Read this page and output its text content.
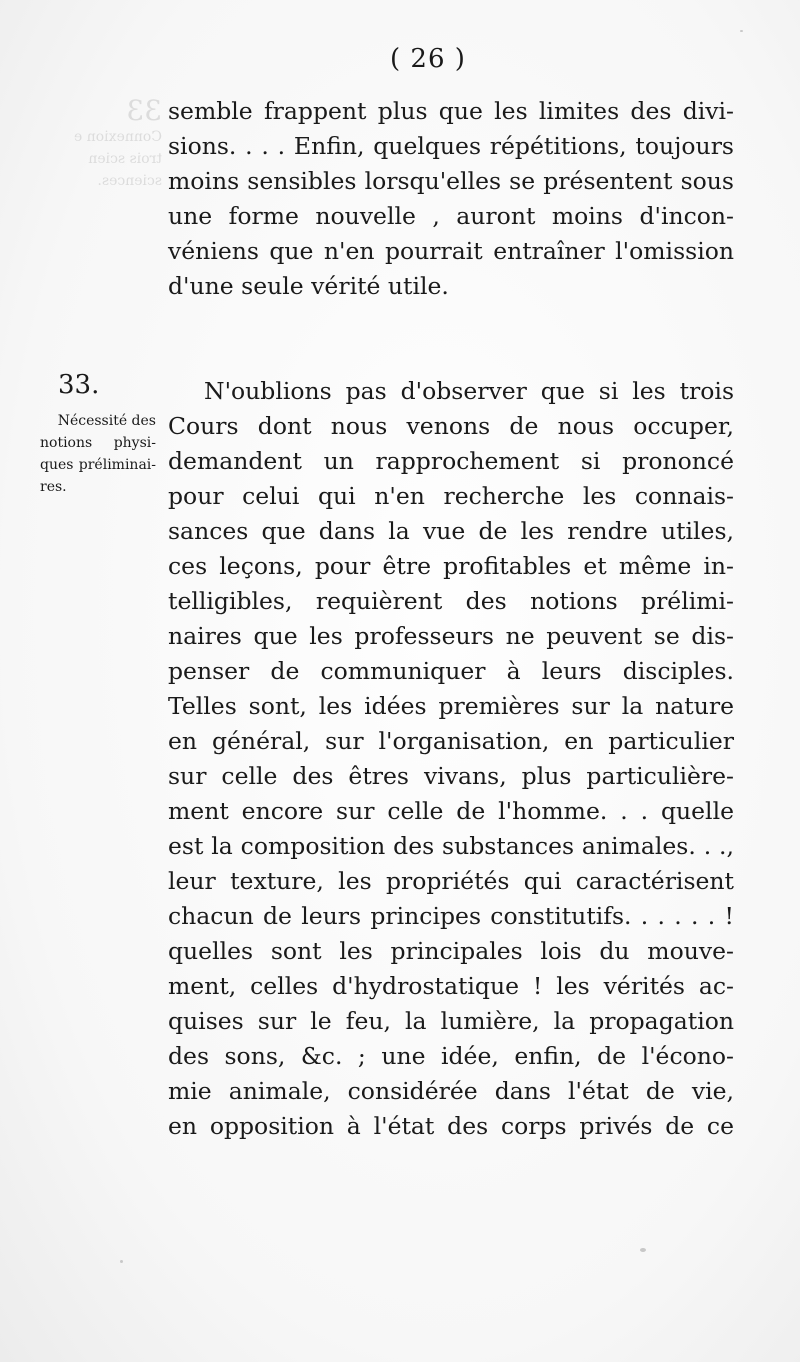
33
Connexion e
trois scien
sciences.
( 26 )
semble frappent plus que les limites des divi-
sions. . . . Enfin, quelques répétitions, toujours
moins sensibles lorsqu'elles se présentent sous
une forme nouvelle , auront moins d'incon-
véniens que n'en pourrait entraîner l'omission
d'une seule vérité utile.
33.
Nécessité des
notions physi-
ques préliminai-
res.
N'oublions pas d'observer que si les trois
Cours dont nous venons de nous occuper,
demandent un rapprochement si prononcé
pour celui qui n'en recherche les connais-
sances que dans la vue de les rendre utiles,
ces leçons, pour être profitables et même in-
telligibles, requièrent des notions prélimi-
naires que les professeurs ne peuvent se dis-
penser de communiquer à leurs disciples.
Telles sont, les idées premières sur la nature
en général, sur l'organisation, en particulier
sur celle des êtres vivans, plus particulière-
ment encore sur celle de l'homme. . . quelle
est la composition des substances animales. . .,
leur texture, les propriétés qui caractérisent
chacun de leurs principes constitutifs. . . . . . !
quelles sont les principales lois du mouve-
ment, celles d'hydrostatique ! les vérités ac-
quises sur le feu, la lumière, la propagation
des sons, &c. ; une idée, enfin, de l'écono-
mie animale, considérée dans l'état de vie,
en opposition à l'état des corps privés de ce
